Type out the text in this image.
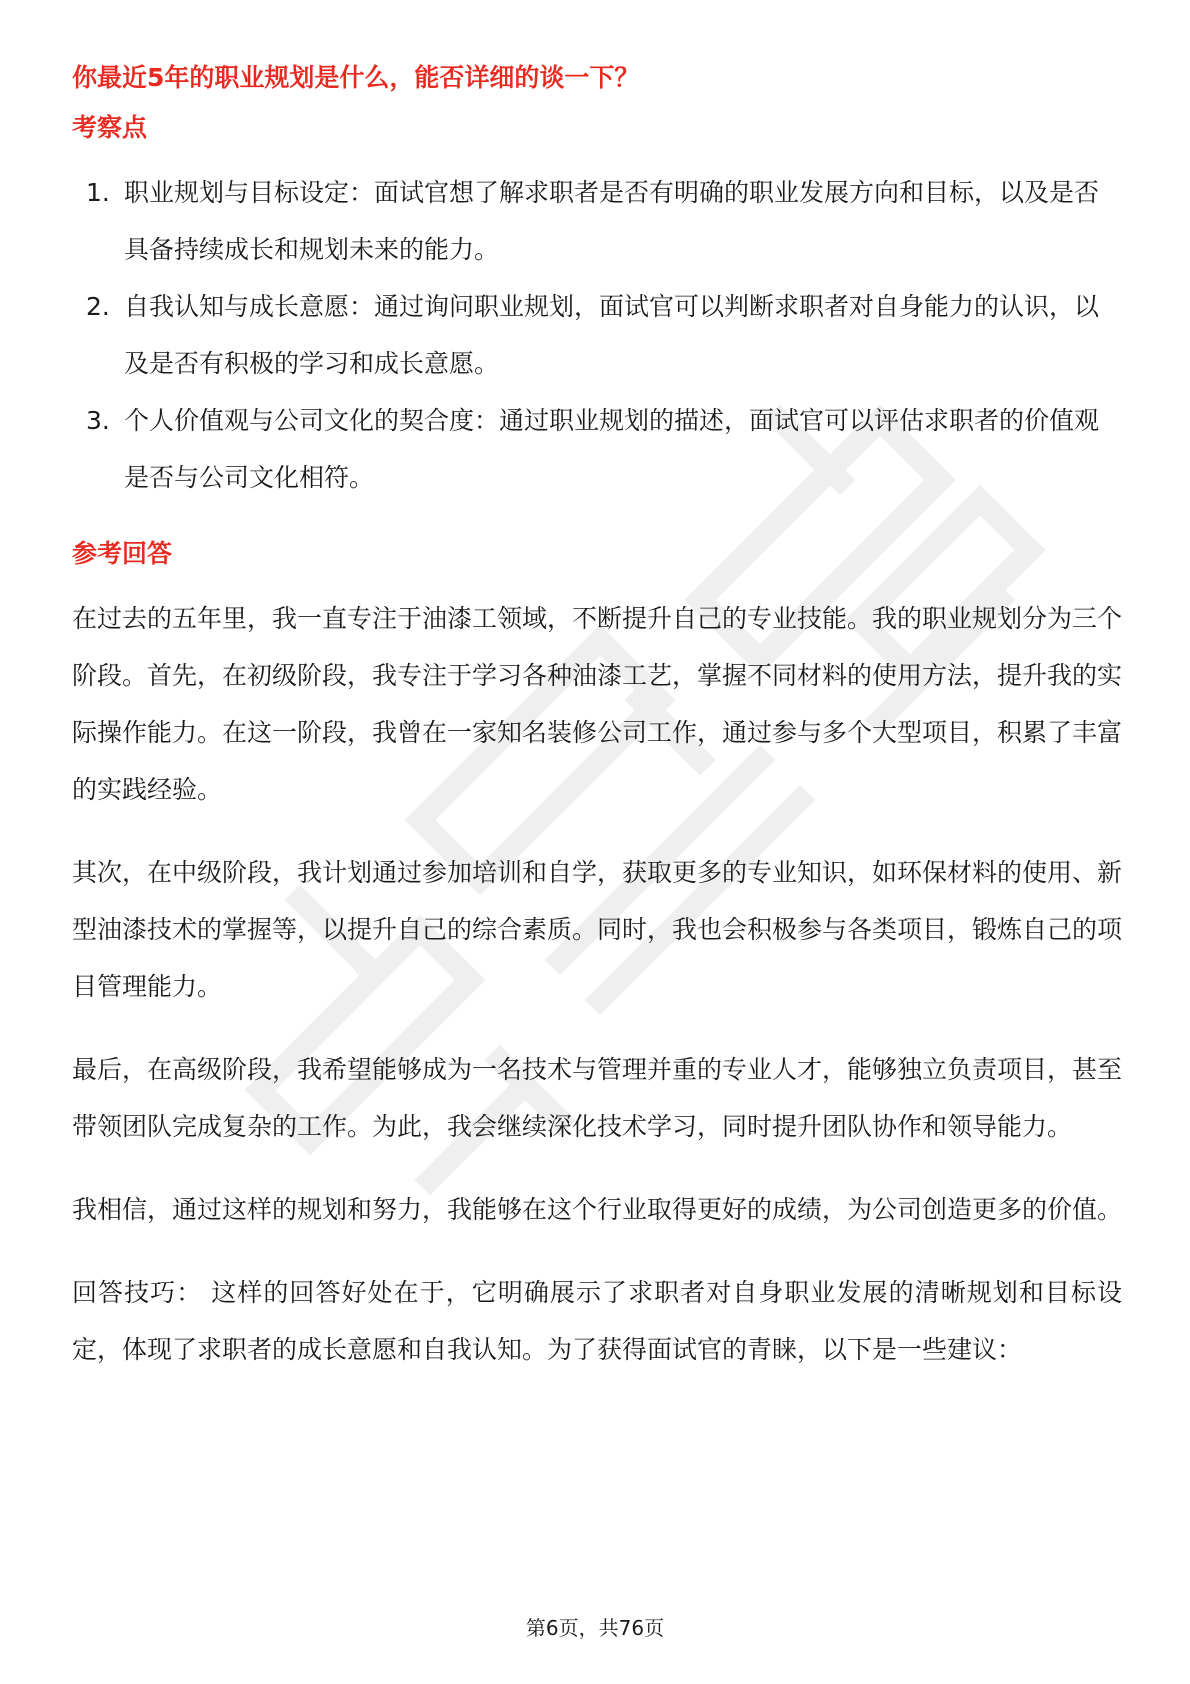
你最近5年的职业规划是什么，能否详细的谈一下？
考察点
1. 职业规划与目标设定：面试官想了解求职者是否有明确的职业发展方向和目标，以及是否具备持续成长和规划未来的能力。
2. 自我认知与成长意愿：通过询问职业规划，面试官可以判断求职者对自身能力的认识，以及是否有积极的学习和成长意愿。
3. 个人价值观与公司文化的契合度：通过职业规划的描述，面试官可以评估求职者的价值观是否与公司文化相符。
参考回答

在过去的五年里，我一直专注于油漆工领域，不断提升自己的专业技能。我的职业规划分为三个阶段。首先，在初级阶段，我专注于学习各种油漆工艺，掌握不同材料的使用方法，提升我的实际操作能力。在这一阶段，我曾在一家知名装修公司工作，通过参与多个大型项目，积累了丰富的实践经验。

其次，在中级阶段，我计划通过参加培训和自学，获取更多的专业知识，如环保材料的使用、新型油漆技术的掌握等，以提升自己的综合素质。同时，我也会积极参与各类项目，锻炼自己的项目管理能力。

最后，在高级阶段，我希望能够成为一名技术与管理并重的专业人才，能够独立负责项目，甚至带领团队完成复杂的工作。为此，我会继续深化技术学习，同时提升团队协作和领导能力。

我相信，通过这样的规划和努力，我能够在这个行业取得更好的成绩，为公司创造更多的价值。

回答技巧： 这样的回答好处在于，它明确展示了求职者对自身职业发展的清晰规划和目标设定，体现了求职者的成长意愿和自我认知。为了获得面试官的青睐，以下是一些建议：

第6页，共76页
